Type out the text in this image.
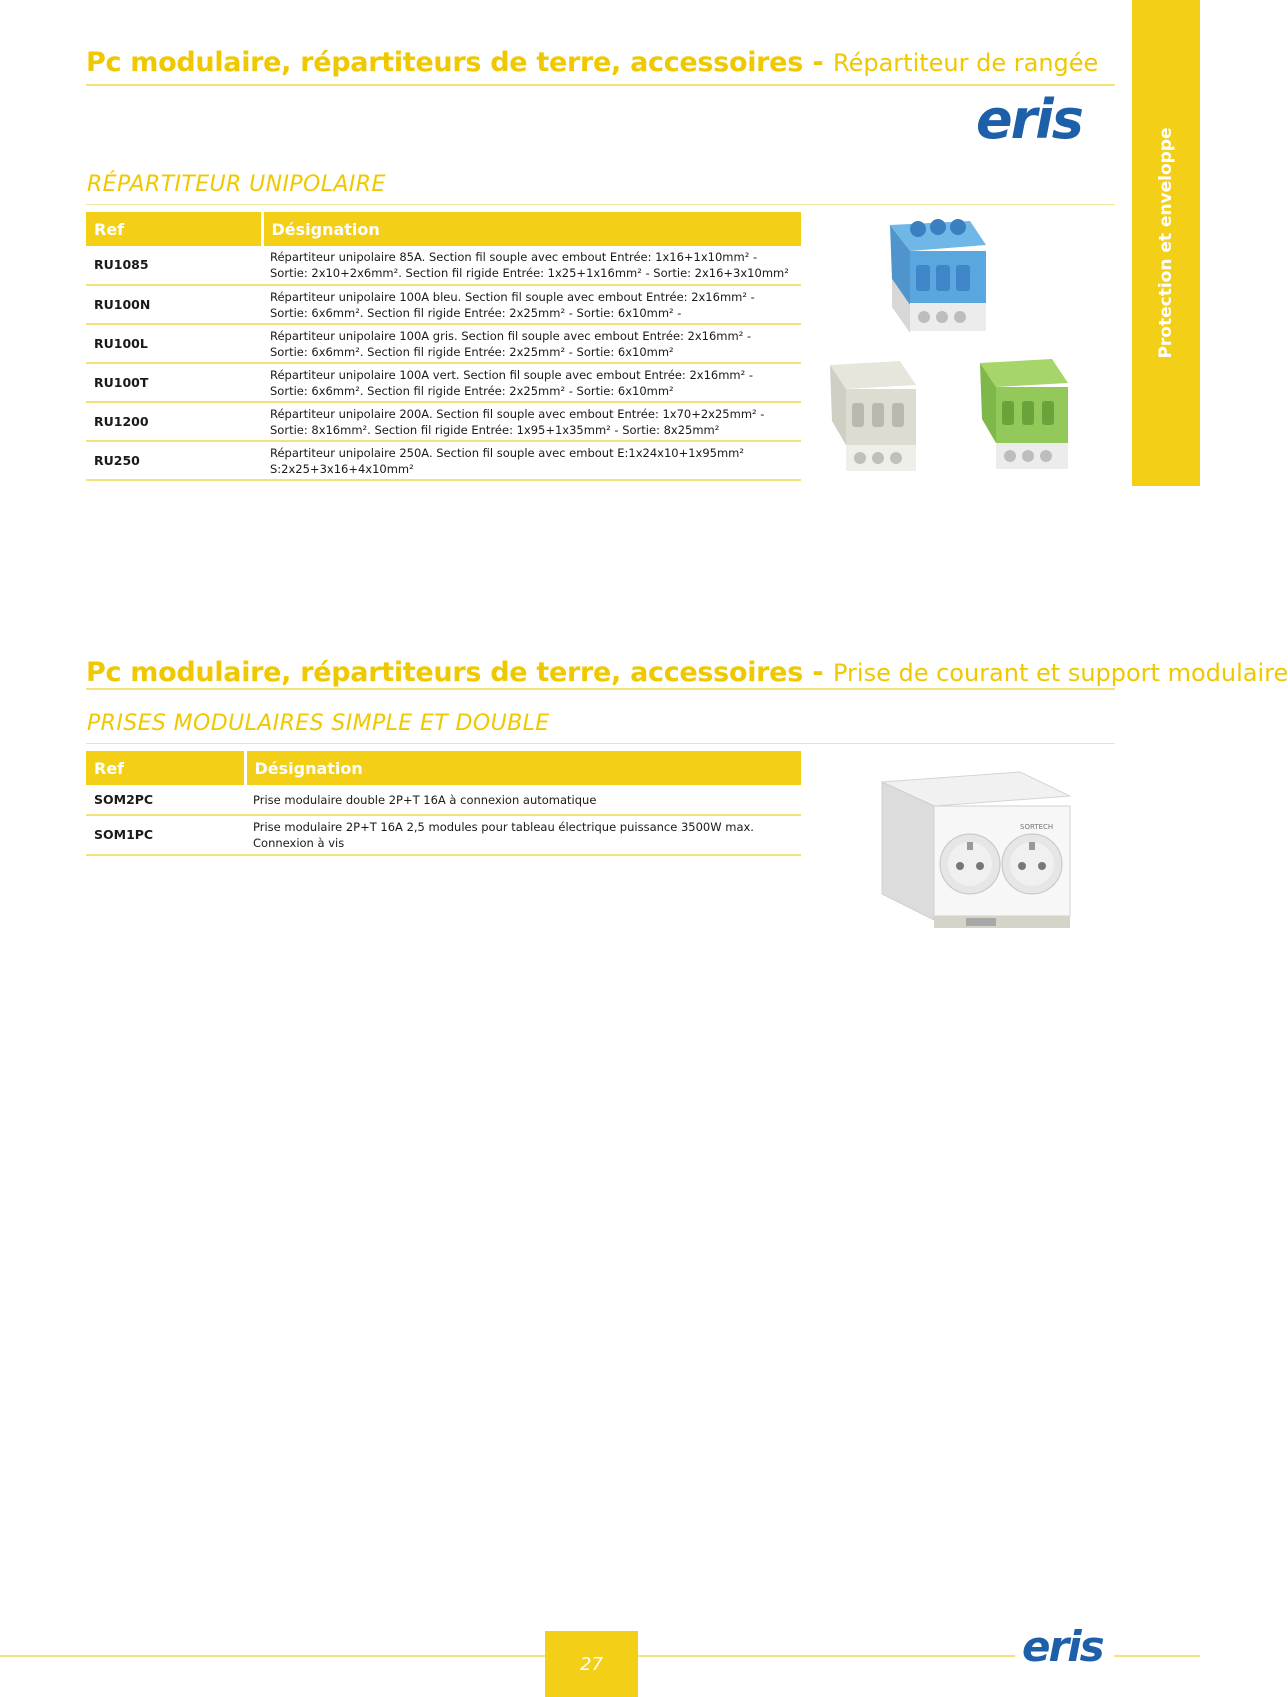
Protection et enveloppe
Pc modulaire, répartiteurs de terre, accessoires - Répartiteur de rangée
eris
RÉPARTITEUR UNIPOLAIRE
Ref	Désignation
RU1085	Répartiteur unipolaire 85A. Section fil souple avec embout Entrée: 1x16+1x10mm² -
Sortie: 2x10+2x6mm². Section fil rigide Entrée: 1x25+1x16mm² - Sortie: 2x16+3x10mm²

RU100N	Répartiteur unipolaire 100A bleu. Section fil souple avec embout Entrée: 2x16mm² -
Sortie: 6x6mm². Section fil rigide Entrée: 2x25mm² - Sortie: 6x10mm² -

RU100L	Répartiteur unipolaire 100A gris. Section fil souple avec embout Entrée: 2x16mm² -
Sortie: 6x6mm². Section fil rigide Entrée: 2x25mm² - Sortie: 6x10mm²

RU100T	Répartiteur unipolaire 100A vert. Section fil souple avec embout Entrée: 2x16mm² -
Sortie: 6x6mm². Section fil rigide Entrée: 2x25mm² - Sortie: 6x10mm²

RU1200	Répartiteur unipolaire 200A. Section fil souple avec embout Entrée: 1x70+2x25mm² -
Sortie: 8x16mm². Section fil rigide Entrée: 1x95+1x35mm² - Sortie: 8x25mm²

RU250	Répartiteur unipolaire 250A. Section fil souple avec embout E:1x24x10+1x95mm²
S:2x25+3x16+4x10mm²
Pc modulaire, répartiteurs de terre, accessoires - Prise de courant et support modulaire
PRISES MODULAIRES SIMPLE ET DOUBLE
Ref	Désignation
SOM2PC	Prise modulaire double 2P+T 16A à connexion automatique

SOM1PC	Prise modulaire 2P+T 16A 2,5 modules pour tableau électrique puissance 3500W max.
Connexion à vis
SORTECH
27	eris
